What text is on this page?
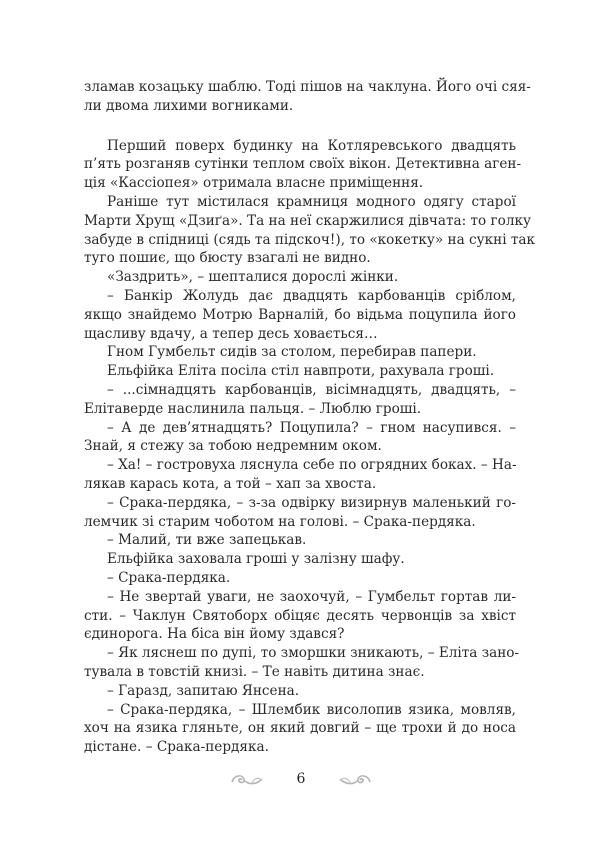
зламав козацьку шаблю. Тоді пішов на чаклуна. Його очі сяя-
ли двома лихими вогниками.
Перший поверх будинку на Котляревського двадцять
п’ять розганяв сутінки теплом своїх вікон. Детективна аген-
ція «Кассіопея» отримала власне приміщення.
Раніше тут містилася крамниця модного одягу старої
Марти Хрущ «Дзиґа». Та на неї скаржилися дівчата: то голку
забуде в спідниці (сядь та підскоч!), то «кокетку» на сукні так
туго пошиє, що бюсту взагалі не видно.
«Заздрить», – шепталися дорослі жінки.
– Банкір Жолудь дає двадцять карбованців сріблом,
якщо знайдемо Мотрю Варналій, бо відьма поцупила його
щасливу вдачу, а тепер десь ховається…
Гном Гумбельт сидів за столом, перебирав папери.
Ельфійка Еліта посіла стіл навпроти, рахувала гроші.
– ...сімнадцять карбованців, вісімнадцять, двадцять, –
Елітаверде наслинила пальця. – Люблю гроші.
– А де дев’ятнадцять? Поцупила? – гном насупився. –
Знай, я стежу за тобою недремним оком.
– Ха! – гостровуха ляснула себе по огрядних боках. – На-
лякав карась кота, а той – хап за хвоста.
– Срака-пердяка, – з-за одвірку визирнув маленький го-
лемчик зі старим чоботом на голові. – Срака-пердяка.
– Малий, ти вже запецькав.
Ельфійка заховала гроші у залізну шафу.
– Срака-пердяка.
– Не звертай уваги, не заохочуй, – Гумбельт гортав ли-
сти. – Чаклун Святоборх обіцяє десять червонців за хвіст
єдинорога. На біса він йому здався?
– Як ляснеш по дупі, то зморшки зникають, – Еліта зано-
тувала в товстій книзі. – Те навіть дитина знає.
– Гаразд, запитаю Янсена.
– Срака-пердяка, – Шлембик висолопив язика, мовляв,
хоч на язика гляньте, он який довгий – ще трохи й до носа
дістане. – Срака-пердяка.
6
